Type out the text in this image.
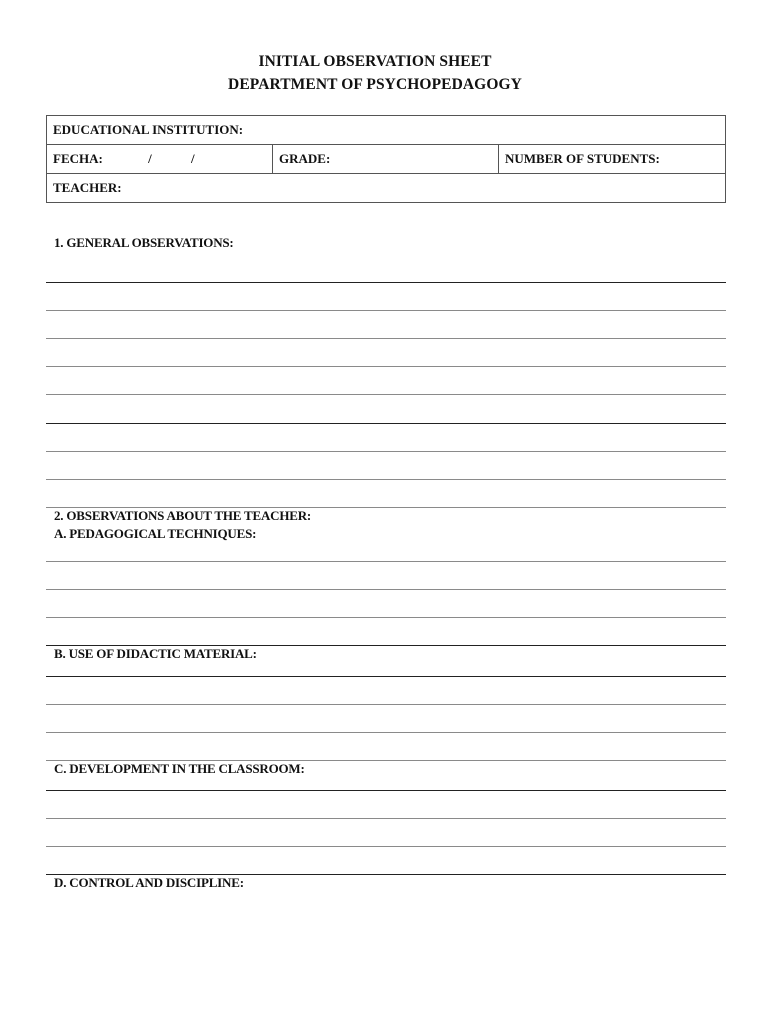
INITIAL OBSERVATION SHEET
DEPARTMENT OF PSYCHOPEDAGOGY
EDUCATIONAL INSTITUTION:
FECHA:	/	/	GRADE:	NUMBER OF STUDENTS:
TEACHER:
1. GENERAL OBSERVATIONS:
2. OBSERVATIONS ABOUT THE TEACHER:
A. PEDAGOGICAL TECHNIQUES:
B. USE OF DIDACTIC MATERIAL:
C. DEVELOPMENT IN THE CLASSROOM:
D. CONTROL AND DISCIPLINE:
